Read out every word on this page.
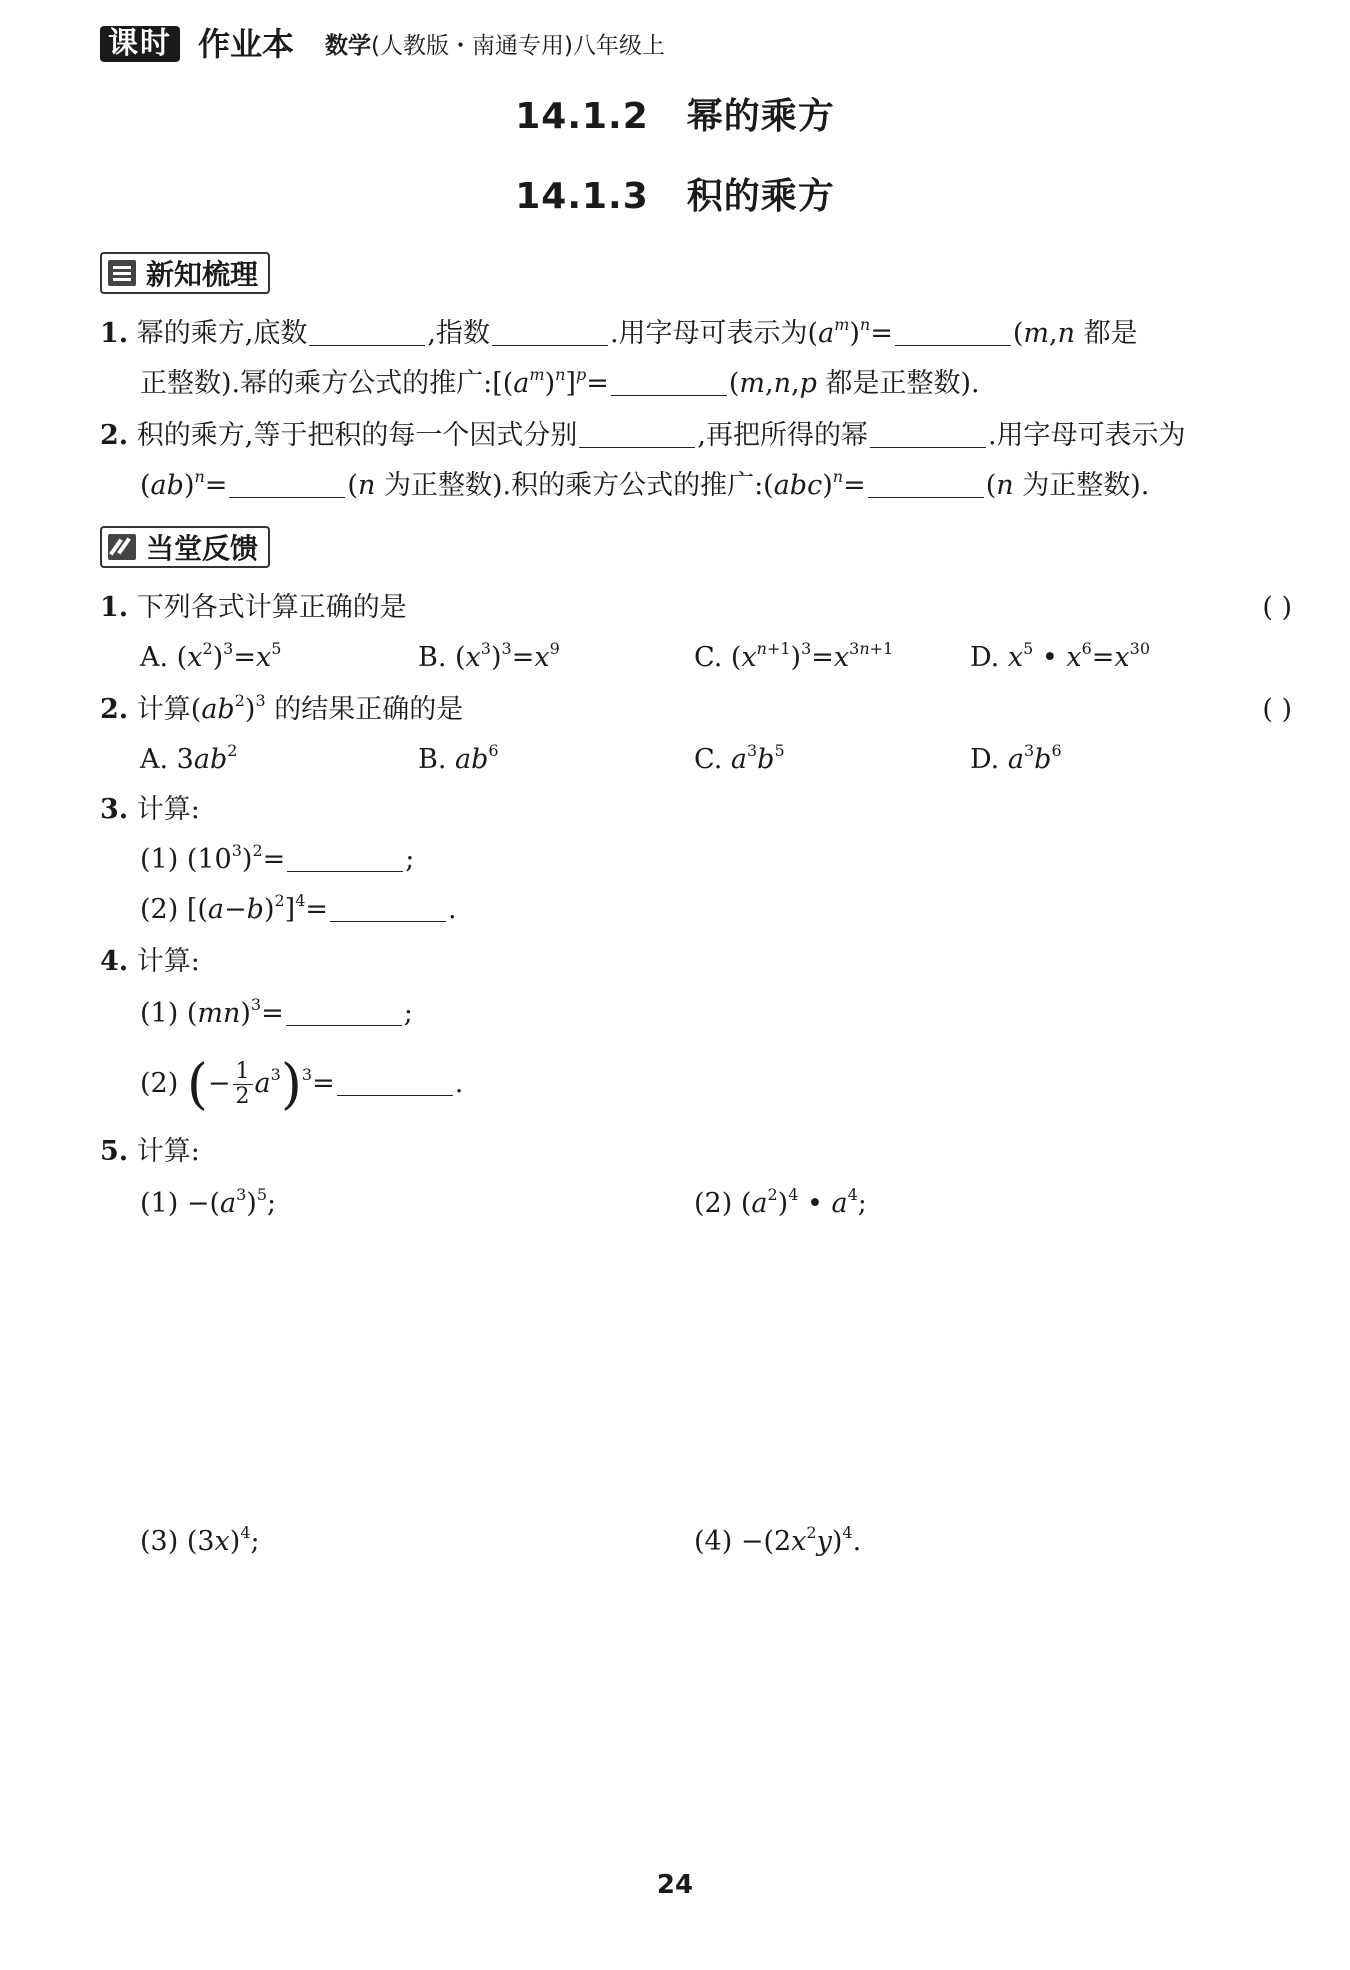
课时 作业本 数学(人教版・南通专用)八年级上
14.1.2 幂的乘方
14.1.3 积的乘方
新知梳理
1. 幂的乘方,底数	,指数	.用字母可表示为$(a^m)^n=$	(m,n 都是
正整数).幂的乘方公式的推广$:[(a^m)^n]^p=$	(m,n,p 都是正整数).
2. 积的乘方,等于把积的每一个因式分别	,再把所得的幂	.用字母可表示为
(ab)$^n$=	(n 为正整数).积的乘方公式的推广:(abc)$^n$=	(n 为正整数).
当堂反馈
1. 下列各式计算正确的是	( )
A. $(x^2)^3=x^5$	B. $(x^3)^3=x^9$	C. $(x^{n+1})^3=x^{3n+1}$	D. $x^5$ • $x^6=x^{30}$
2. 计算$(ab^2)^3$ 的结果正确的是	( )
A. $3ab^2$	B. $ab^6$	C. $a^3b^5$	D. $a^3b^6$
3. 计算:
(1) $(10^3)^2=$	;
(2) $[(a-b)^2]^4=$	.
4. 计算:
(1) (mn)$^3$=	;
(2) (− $\frac{1}{2} a^3)^3=$	.
5. 计算:
$(1) -(a^3)^5$;	(2) $(a^2)^4$ • $a^4$;
(3) $(3x)^4$;	$(4) -(2x^2y)^4$.
24
